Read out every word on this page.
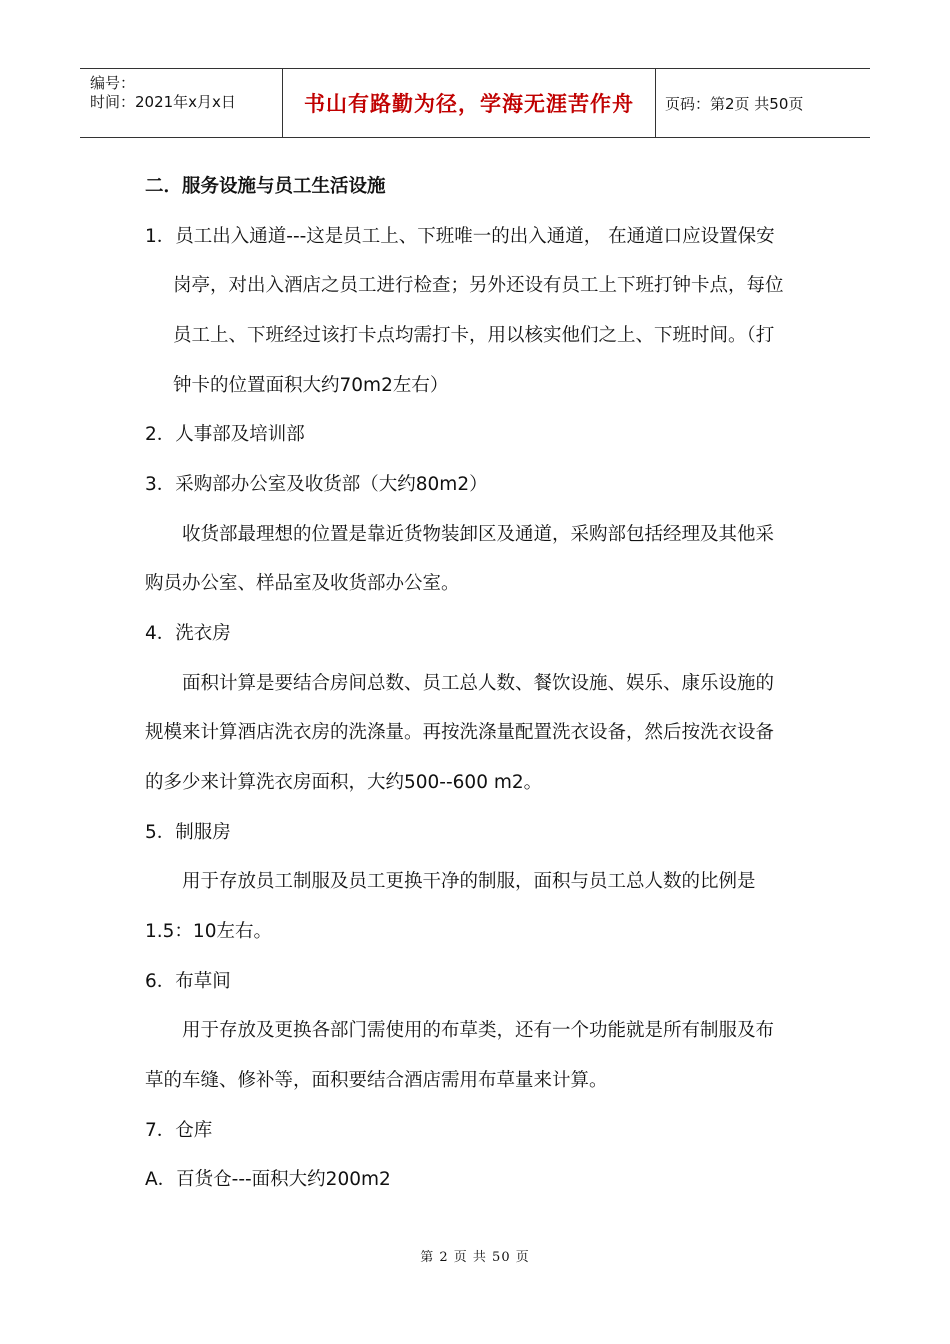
编号：
时间：2021年x月x日	书山有路勤为径，学海无涯苦作舟	页码：第2页 共50页
二．服务设施与员工生活设施
1．员工出入通道---这是员工上、下班唯一的出入通道， 在通道口应设置保安
岗亭，对出入酒店之员工进行检查；另外还设有员工上下班打钟卡点，每位
员工上、下班经过该打卡点均需打卡，用以核实他们之上、下班时间。（打
钟卡的位置面积大约70m2左右）
2．人事部及培训部
3．采购部办公室及收货部（大约80m2）
收货部最理想的位置是靠近货物装卸区及通道，采购部包括经理及其他采
购员办公室、样品室及收货部办公室。
4．洗衣房
面积计算是要结合房间总数、员工总人数、餐饮设施、娱乐、康乐设施的
规模来计算酒店洗衣房的洗涤量。再按洗涤量配置洗衣设备，然后按洗衣设备
的多少来计算洗衣房面积，大约500--600 m2。
5．制服房
用于存放员工制服及员工更换干净的制服，面积与员工总人数的比例是
1.5：10左右。
6．布草间
用于存放及更换各部门需使用的布草类，还有一个功能就是所有制服及布
草的车缝、修补等，面积要结合酒店需用布草量来计算。
7．仓库
A．百货仓---面积大约200m2
第 2 页 共 50 页
